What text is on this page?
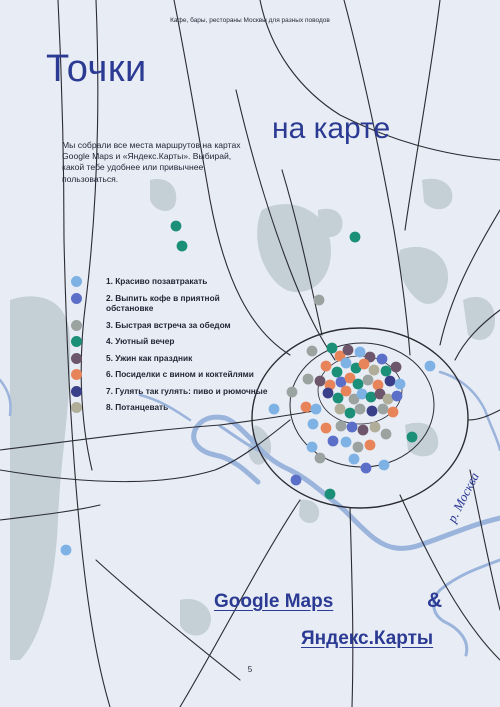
Кафе, бары, рестораны Москвы для разных поводов
Точки
на карте
Мы собрали все места маршрутов на картах Google Maps и «Яндекс.Карты». Выбирай, какой тебе удобнее или привычнее пользоваться.
1. Красиво позавтракать
2. Выпить кофе в приятной обстановке
3. Быстрая встреча за обедом
4. Уютный вечер
5. Ужин как праздник
6. Посиделки с вином и коктейлями
7. Гулять так гулять: пиво и рюмочные
8. Потанцевать
р. Москва
Google Maps	&
Яндекс.Карты
5
